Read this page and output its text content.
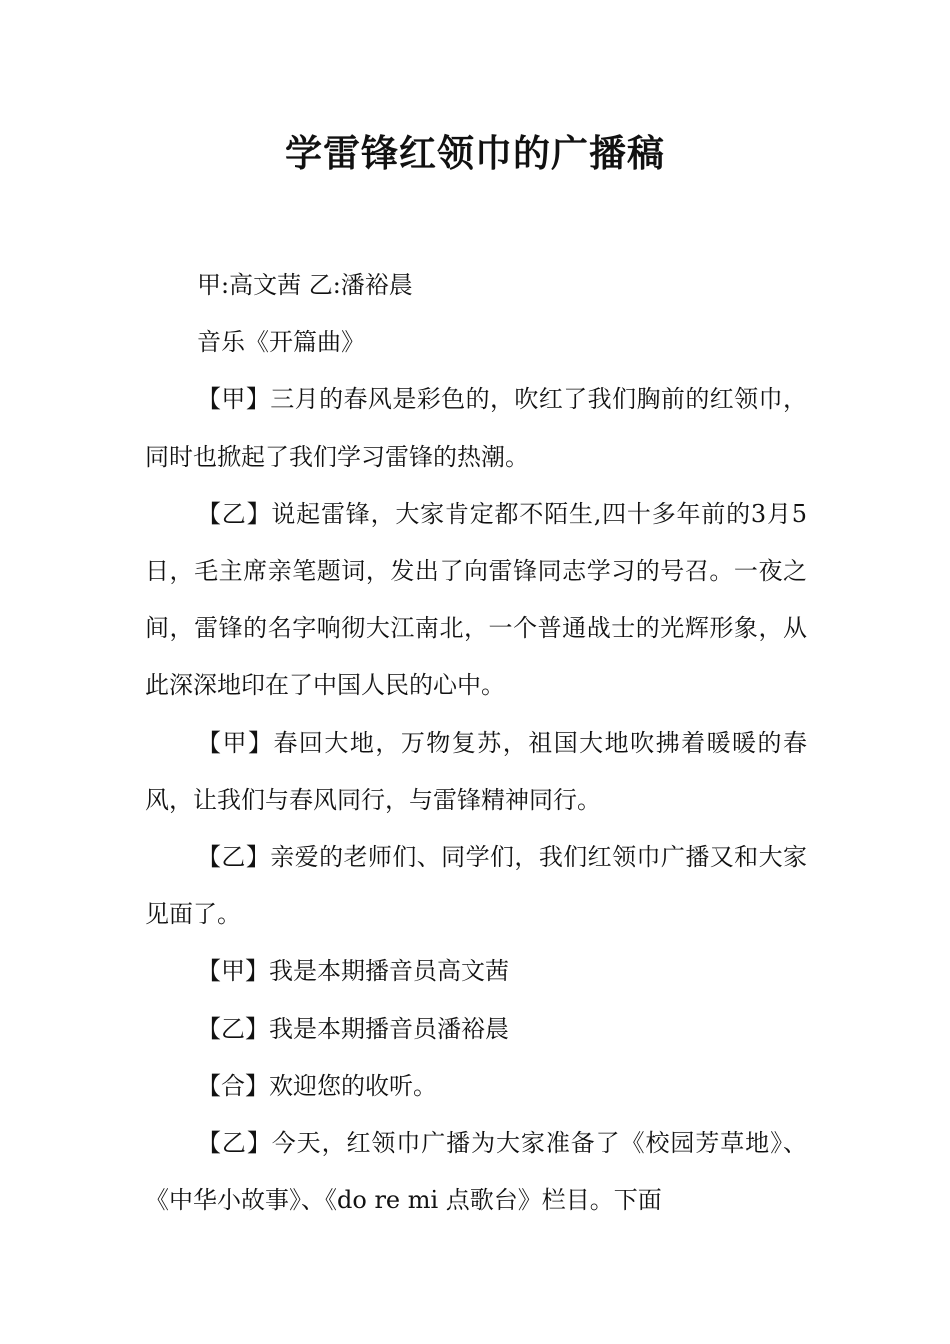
学雷锋红领巾的广播稿

甲:高文茜 乙:潘裕晨

音乐《开篇曲》

【甲】三月的春风是彩色的，吹红了我们胸前的红领巾，同时也掀起了我们学习雷锋的热潮。

【乙】说起雷锋，大家肯定都不陌生,四十多年前的3月5日，毛主席亲笔题词，发出了向雷锋同志学习的号召。一夜之间，雷锋的名字响彻大江南北，一个普通战士的光辉形象，从此深深地印在了中国人民的心中。

【甲】春回大地，万物复苏，祖国大地吹拂着暖暖的春风，让我们与春风同行，与雷锋精神同行。

【乙】亲爱的老师们、同学们，我们红领巾广播又和大家见面了。

【甲】我是本期播音员高文茜

【乙】我是本期播音员潘裕晨

【合】欢迎您的收听。

【乙】今天，红领巾广播为大家准备了《校园芳草地》、《中华小故事》、《do re mi 点歌台》栏目。下面
